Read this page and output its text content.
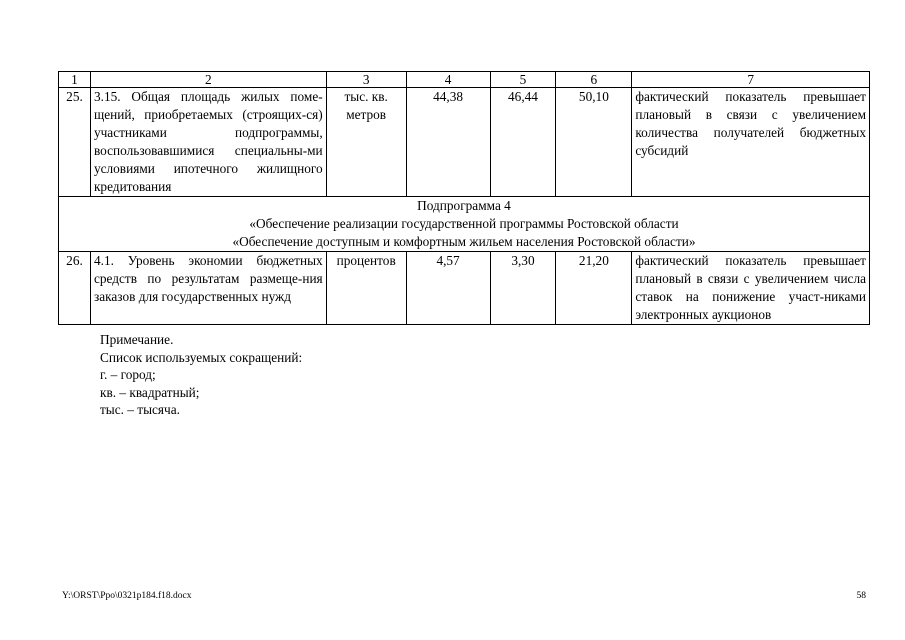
1	2	3	4	5	6	7
25.	3.15. Общая площадь жилых поме-щений, приобретаемых (строящих-ся) участниками подпрограммы, воспользовавшимися специальны-ми условиями ипотечного жилищного кредитования	тыс. кв. метров	44,38	46,44	50,10	фактический показатель превышает плановый в связи с увеличением количества получателей бюджетных субсидий

Подпрограмма 4
«Обеспечение реализации государственной программы Ростовской области
«Обеспечение доступным и комфортным жильем населения Ростовской области»						

26.	4.1. Уровень экономии бюджетных средств по результатам размеще-ния заказов для государственных нужд	процентов	4,57	3,30	21,20	фактический показатель превышает плановый в связи с увеличением числа ставок на понижение участ-никами электронных аукционов
Примечание.
Список используемых сокращений:
г. – город;
кв. – квадратный;
тыс. – тысяча.
Y:\ORST\Ppo\0321p184.f18.docx	58
